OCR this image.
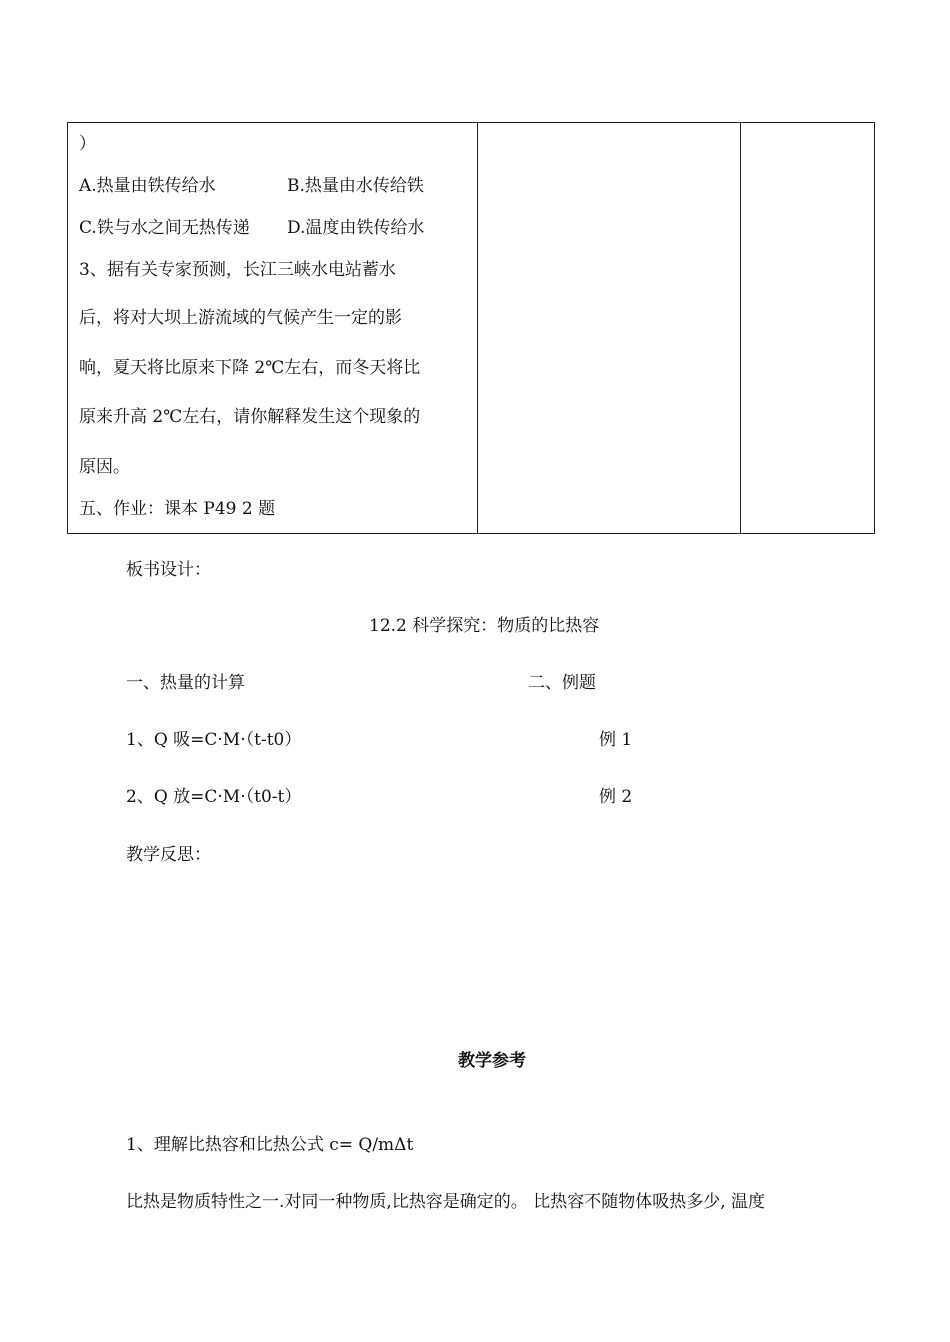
）
A.热量由铁传给水	B.热量由水传给铁
C.铁与水之间无热传递 D.温度由铁传给水
3、据有关专家预测，长江三峡水电站蓄水
后，将对大坝上游流域的气候产生一定的影
响，夏天将比原来下降 2℃左右，而冬天将比
原来升高 2℃左右，请你解释发生这个现象的
原因。
五、作业：课本 P49 2 题

板书设计：
12.2 科学探究：物质的比热容
一、热量的计算	二、例题
1、Q 吸=C·M·（t-t0）	例 1
2、Q 放=C·M·（t0-t）	例 2
教学反思：
教学参考
1、理解比热容和比热公式 c= Q/mΔt
比热是物质特性之一.对同一种物质,比热容是确定的。 比热容不随物体吸热多少, 温度
